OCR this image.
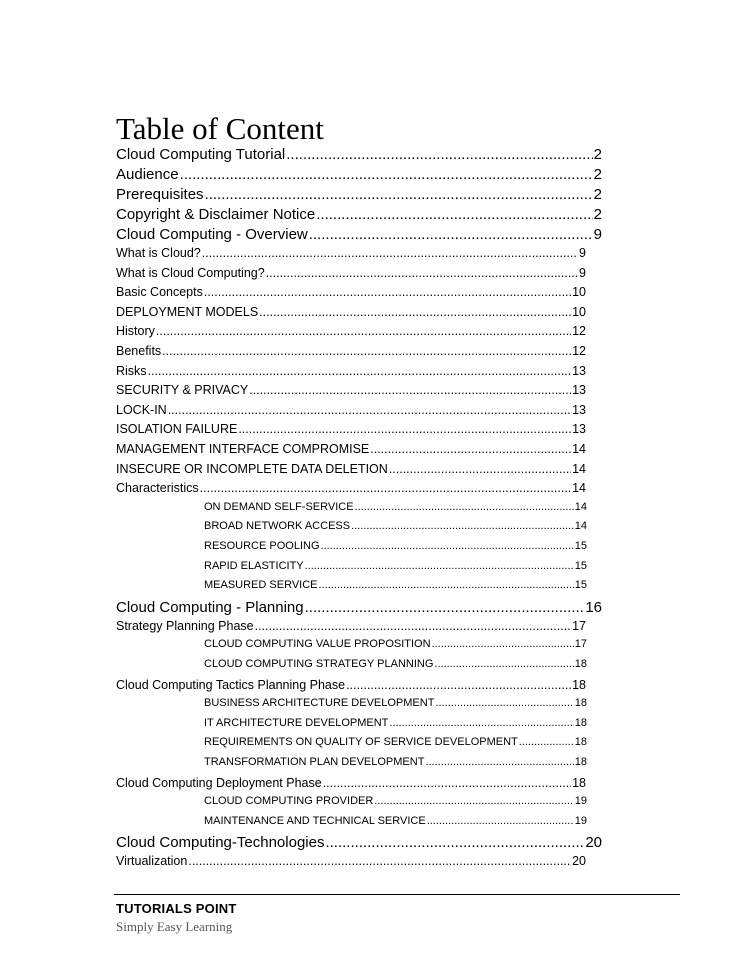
Table of Content
Cloud Computing Tutorial .....	2
Audience .....	2
Prerequisites .....	2
Copyright & Disclaimer Notice .....	2
Cloud Computing - Overview .....	9
What is Cloud? .....	9
What is Cloud Computing? .....	9
Basic Concepts .....	10
DEPLOYMENT MODELS .....	10
History .....	12
Benefits .....	12
Risks .....	13
SECURITY & PRIVACY .....	13
LOCK-IN .....	13
ISOLATION FAILURE .....	13
MANAGEMENT INTERFACE COMPROMISE .....	14
INSECURE OR INCOMPLETE DATA DELETION .....	14
Characteristics .....	14
ON DEMAND SELF-SERVICE .....	14
BROAD NETWORK ACCESS .....	14
RESOURCE POOLING .....	15
RAPID ELASTICITY .....	15
MEASURED SERVICE .....	15
Cloud Computing - Planning .....	16
Strategy Planning Phase .....	17
CLOUD COMPUTING VALUE PROPOSITION .....	17
CLOUD COMPUTING STRATEGY PLANNING .....	18
Cloud Computing Tactics Planning Phase .....	18
BUSINESS ARCHITECTURE DEVELOPMENT .....	18
IT ARCHITECTURE DEVELOPMENT .....	18
REQUIREMENTS ON QUALITY OF SERVICE DEVELOPMENT .....	18
TRANSFORMATION PLAN DEVELOPMENT .....	18
Cloud Computing Deployment Phase .....	18
CLOUD COMPUTING PROVIDER .....	19
MAINTENANCE AND TECHNICAL SERVICE .....	19
Cloud Computing-Technologies .....	20
Virtualization .....	20
TUTORIALS POINT
Simply Easy Learning
